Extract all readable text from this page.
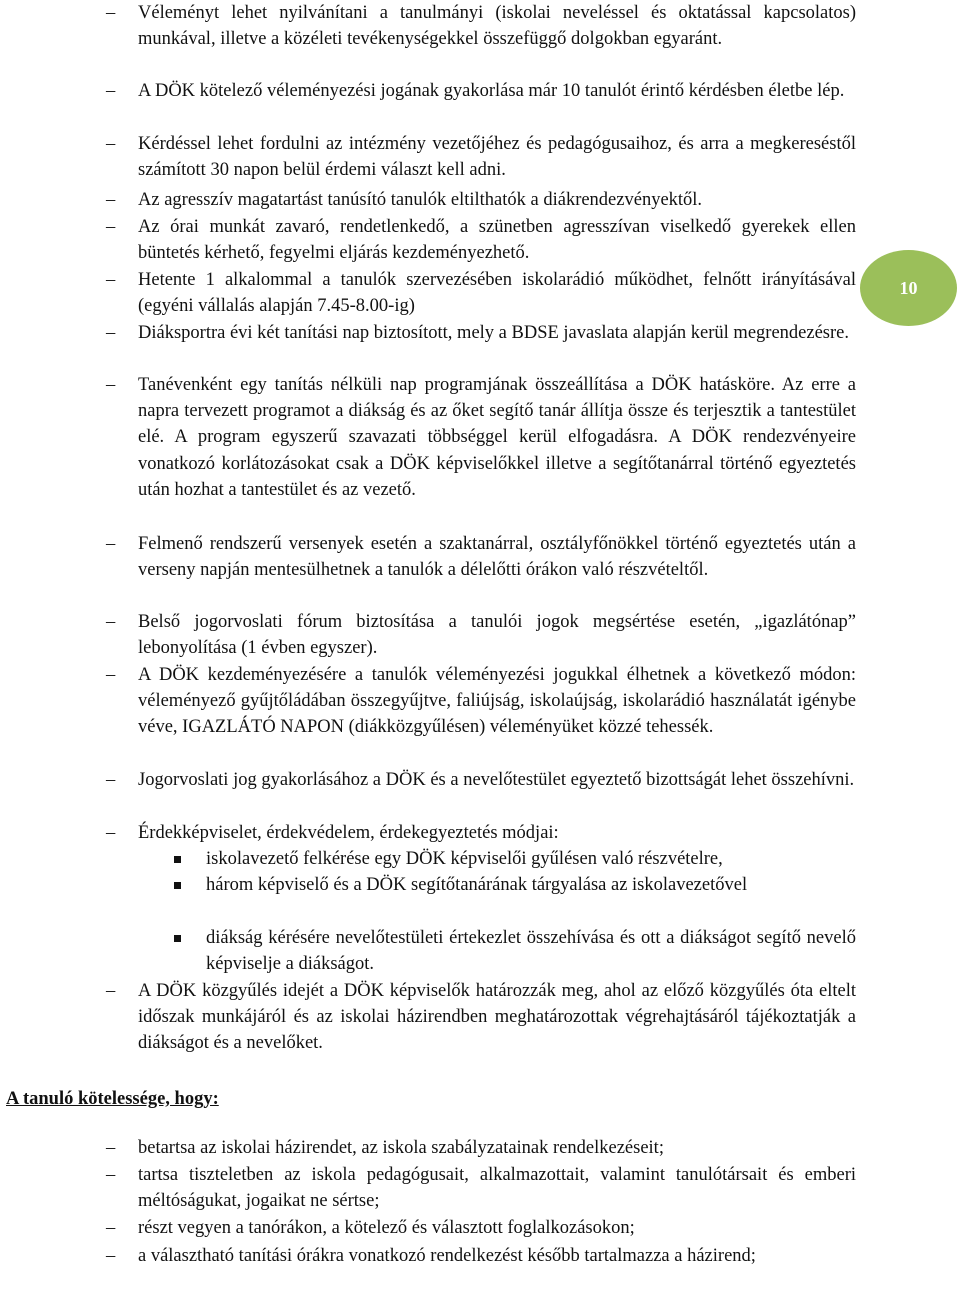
–	Véleményt lehet nyilvánítani a tanulmányi (iskolai neveléssel és oktatással kapcsolatos) munkával, illetve a közéleti tevékenységekkel összefüggő dolgokban egyaránt.
–	A DÖK kötelező véleményezési jogának gyakorlása már 10 tanulót érintő kérdésben életbe lép.
–	Kérdéssel lehet fordulni az intézmény vezetőjéhez és pedagógusaihoz, és arra a megkereséstől számított 30 napon belül érdemi választ kell adni.
–	Az agresszív magatartást tanúsító tanulók eltilthatók a diákrendezvényektől.
–	Az órai munkát zavaró, rendetlenkedő, a szünetben agresszívan viselkedő gyerekek ellen büntetés kérhető, fegyelmi eljárás kezdeményezhető.
–	Hetente 1 alkalommal a tanulók szervezésében iskolarádió működhet, felnőtt irányításával (egyéni vállalás alapján 7.45-8.00-ig)
–	Diáksportra évi két tanítási nap biztosított, mely a BDSE javaslata alapján kerül megrendezésre.
–	Tanévenként egy tanítás nélküli nap programjának összeállítása a DÖK hatásköre. Az erre a napra tervezett programot a diákság és az őket segítő tanár állítja össze és terjesztik a tantestület elé. A program egyszerű szavazati többséggel kerül elfogadásra. A DÖK rendezvényeire vonatkozó korlátozásokat csak a DÖK képviselőkkel illetve a segítőtanárral történő egyeztetés után hozhat a tantestület és az vezető.
–	Felmenő rendszerű versenyek esetén a szaktanárral, osztályfőnökkel történő egyeztetés után a verseny napján mentesülhetnek a tanulók a délelőtti órákon való részvételtől.
–	Belső jogorvoslati fórum biztosítása a tanulói jogok megsértése esetén, „igazlátónap” lebonyolítása (1 évben egyszer).
–	A DÖK kezdeményezésére a tanulók véleményezési jogukkal élhetnek a következő módon: véleményező gyűjtőládában összegyűjtve, faliújság, iskolaújság, iskolarádió használatát igénybe véve, IGAZLÁTÓ NAPON (diákközgyűlésen) véleményüket közzé tehessék.
–	Jogorvoslati jog gyakorlásához a DÖK és a nevelőtestület egyeztető bizottságát lehet összehívni.
–	Érdekképviselet, érdekvédelem, érdekegyeztetés módjai:
iskolavezető felkérése egy DÖK képviselői gyűlésen való részvételre,
három képviselő és a DÖK segítőtanárának tárgyalása az iskolavezetővel
diákság kérésére nevelőtestületi értekezlet összehívása és ott a diákságot segítő nevelő képviselje a diákságot.
–	A DÖK közgyűlés idejét a DÖK képviselők határozzák meg, ahol az előző közgyűlés óta eltelt időszak munkájáról és az iskolai házirendben meghatározottak végrehajtásáról tájékoztatják a diákságot és a nevelőket.
A tanuló kötelessége, hogy:
–	betartsa az iskolai házirendet, az iskola szabályzatainak rendelkezéseit;
–	tartsa tiszteletben az iskola pedagógusait, alkalmazottait, valamint tanulótársait és emberi méltóságukat, jogaikat ne sértse;
–	részt vegyen a tanórákon, a kötelező és választott foglalkozásokon;
–	a választható tanítási órákra vonatkozó rendelkezést később tartalmazza a házirend;
10
